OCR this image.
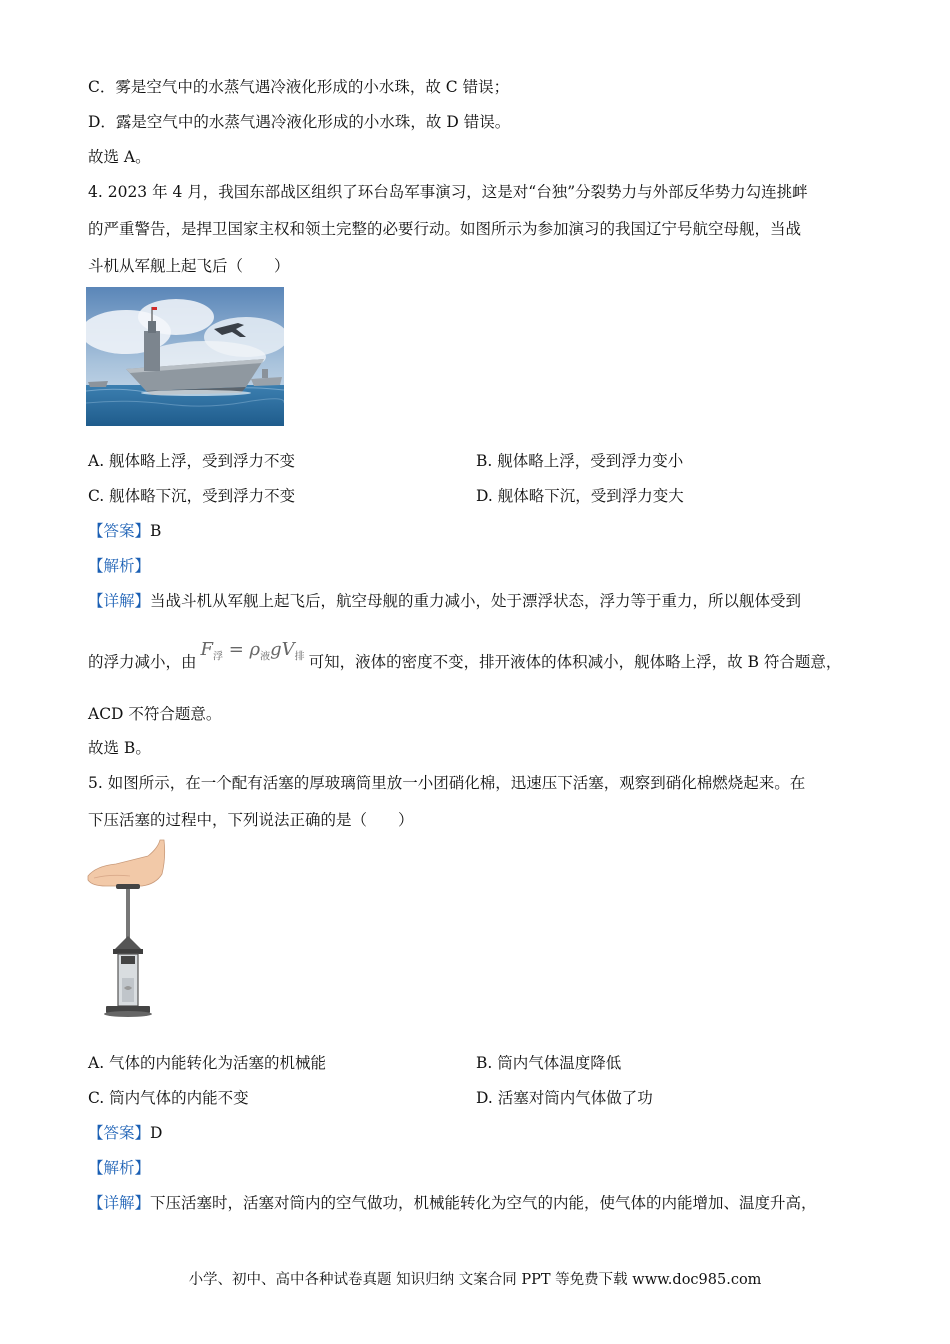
C．雾是空气中的水蒸气遇冷液化形成的小水珠，故 C 错误；
D．露是空气中的水蒸气遇冷液化形成的小水珠，故 D 错误。
故选 A。
4. 2023 年 4 月，我国东部战区组织了环台岛军事演习，这是对“台独”分裂势力与外部反华势力勾连挑衅
的严重警告，是捍卫国家主权和领土完整的必要行动。如图所示为参加演习的我国辽宁号航空母舰，当战
斗机从军舰上起飞后（　　）
A. 舰体略上浮，受到浮力不变	B. 舰体略上浮，受到浮力变小
C. 舰体略下沉，受到浮力不变	D. 舰体略下沉，受到浮力变大
【答案】B
【解析】
【详解】当战斗机从军舰上起飞后，航空母舰的重力减小，处于漂浮状态，浮力等于重力，所以舰体受到
的浮力减小，由$F_浮 = \rho_液gV_排$ 可知，液体的密度不变，排开液体的体积减小，舰体略上浮，故 B 符合题意，
ACD 不符合题意。
故选 B。
5. 如图所示，在一个配有活塞的厚玻璃筒里放一小团硝化棉，迅速压下活塞，观察到硝化棉燃烧起来。在
下压活塞的过程中，下列说法正确的是（　　）
A. 气体的内能转化为活塞的机械能	B. 筒内气体温度降低
C. 筒内气体的内能不变	D. 活塞对筒内气体做了功
【答案】D
【解析】
【详解】下压活塞时，活塞对筒内的空气做功，机械能转化为空气的内能，使气体的内能增加、温度升高，
小学、初中、高中各种试卷真题 知识归纳 文案合同 PPT 等免费下载 www.doc985.com
